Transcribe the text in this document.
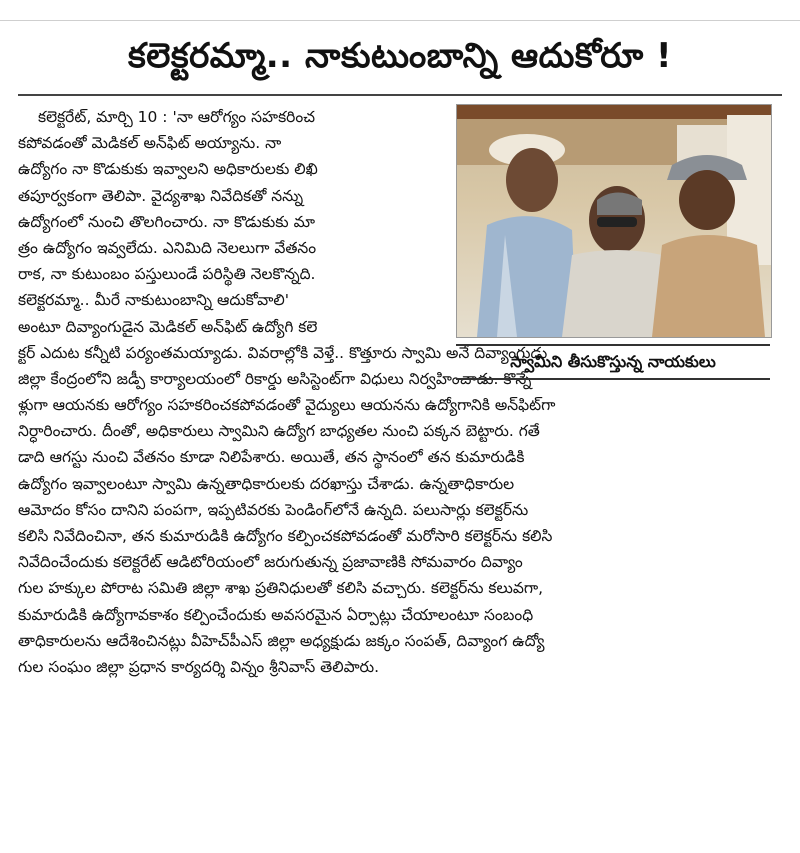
కలెక్టరమ్మా.. నాకుటుంబాన్ని ఆదుకోరూ !
స్వామిని తీసుకొస్తున్న నాయకులు
కలెక్టరేట్, మార్చి 10 : 'నా ఆరోగ్యం సహకరించ
కపోవడంతో మెడికల్ అన్‌ఫిట్ అయ్యాను. నా
ఉద్యోగం నా కొడుకుకు ఇవ్వాలని అధికారులకు లిఖి
తపూర్వకంగా తెలిపా. వైద్యశాఖ నివేదికతో నన్ను
ఉద్యోగంలో నుంచి తొలగించారు. నా కొడుకుకు మా
త్రం ఉద్యోగం ఇవ్వలేదు. ఎనిమిది నెలలుగా వేతనం
రాక, నా కుటుంబం పస్తులుండే పరిస్థితి నెలకొన్నది.
కలెక్టరమ్మా.. మీరే నాకుటుంబాన్ని ఆదుకోవాలి'
అంటూ దివ్యాంగుడైన మెడికల్ అన్‌ఫిట్ ఉద్యోగి కలె
క్టర్ ఎదుట కన్నీటి పర్యంతమయ్యాడు. వివరాల్లోకి వెళ్తే.. కొత్తూరు స్వామి అనే దివ్యాంగుడు
జిల్లా కేంద్రంలోని జడ్పీ కార్యాలయంలో రికార్డు అసిస్టెంట్‌గా విధులు నిర్వహించాడు. కొన్నే
ళ్లుగా ఆయనకు ఆరోగ్యం సహకరించకపోవడంతో వైద్యులు ఆయనను ఉద్యోగానికి అన్‌ఫిట్‌గా
నిర్ధారించారు. దీంతో, అధికారులు స్వామిని ఉద్యోగ బాధ్యతల నుంచి పక్కన బెట్టారు. గతే
డాది ఆగస్టు నుంచి వేతనం కూడా నిలిపేశారు. అయితే, తన స్థానంలో తన కుమారుడికి
ఉద్యోగం ఇవ్వాలంటూ స్వామి ఉన్నతాధికారులకు దరఖాస్తు చేశాడు. ఉన్నతాధికారుల
ఆమోదం కోసం దానిని పంపగా, ఇప్పటివరకు పెండింగ్‌లోనే ఉన్నది. పలుసార్లు కలెక్టర్‌ను
కలిసి నివేదించినా, తన కుమారుడికి ఉద్యోగం కల్పించకపోవడంతో మరోసారి కలెక్టర్‌ను కలిసి
నివేదించేందుకు కలెక్టరేట్ ఆడిటోరియంలో జరుగుతున్న ప్రజావాణికి సోమవారం దివ్యాం
గుల హక్కుల పోరాట సమితి జిల్లా శాఖ ప్రతినిధులతో కలిసి వచ్చారు. కలెక్టర్‌ను కలువగా,
కుమారుడికి ఉద్యోగావకాశం కల్పించేందుకు అవసరమైన ఏర్పాట్లు చేయాలంటూ సంబంధి
తాధికారులను ఆదేశించినట్లు వీహెచ్‌పీఎస్ జిల్లా అధ్యక్షుడు జక్కం సంపత్, దివ్యాంగ ఉద్యో
గుల సంఘం జిల్లా ప్రధాన కార్యదర్శి విన్నం శ్రీనివాస్ తెలిపారు.
